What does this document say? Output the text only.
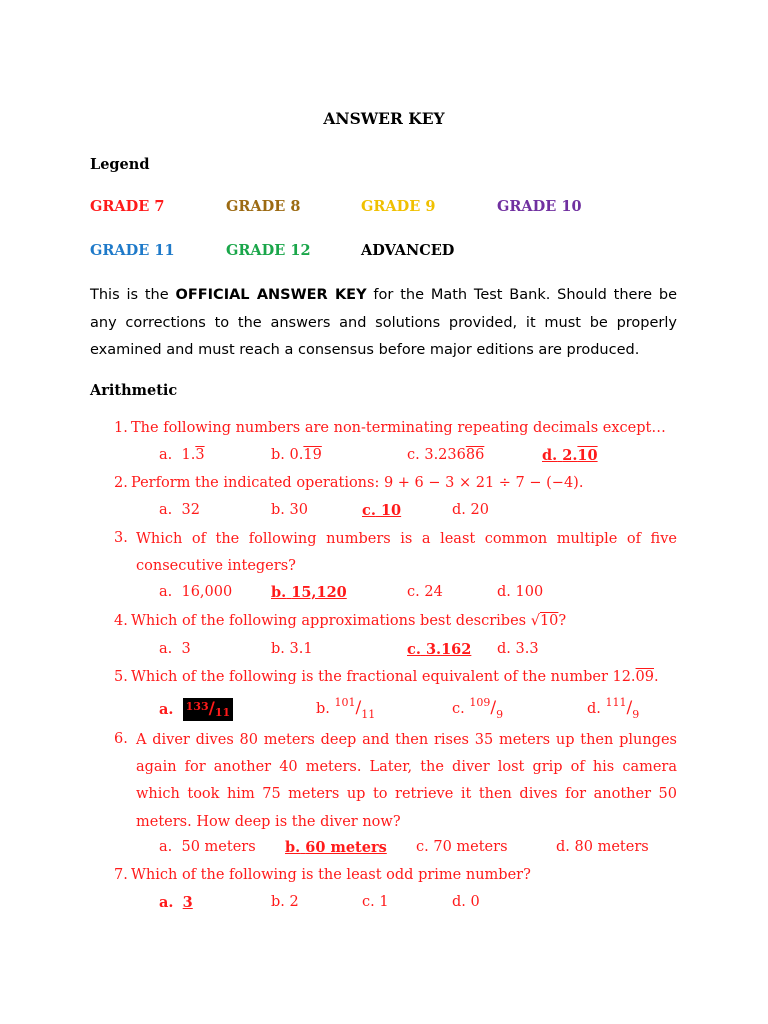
ANSWER KEY
Legend
GRADE 7	GRADE 8	GRADE 9	GRADE 10
GRADE 11	GRADE 12	ADVANCED
This is the OFFICIAL ANSWER KEY for the Math Test Bank. Should there be any corrections to the answers and solutions provided, it must be properly examined and must reach a consensus before major editions are produced.
Arithmetic
1. The following numbers are non-terminating repeating decimals except…
a. 1.3	b. 0.19	c. 3.23686	d. 2.10
2. Perform the indicated operations: 9 + 6 − 3 × 21 ÷ 7 − (−4).
a. 32	b. 30	c. 10	d. 20
3. Which of the following numbers is a least common multiple of five consecutive integers?
a. 16,000	b. 15,120	c. 24	d. 100
4. Which of the following approximations best describes √10?
a. 3	b. 3.1	c. 3.162 d. 3.3
5. Which of the following is the fractional equivalent of the number 12.09.
a. $^{133}/_{11}$	b. $^{101}/_{11}$	c. $^{109}/_9$	d. $^{111}/_9$
6. A diver dives 80 meters deep and then rises 35 meters up then plunges again for another 40 meters. Later, the diver lost grip of his camera which took him 75 meters up to retrieve it then dives for another 50 meters. How deep is the diver now?
a. 50 meters b. 60 meters c. 70 meters	d. 80 meters
7. Which of the following is the least odd prime number?
a. 3	b. 2	c. 1	d. 0
